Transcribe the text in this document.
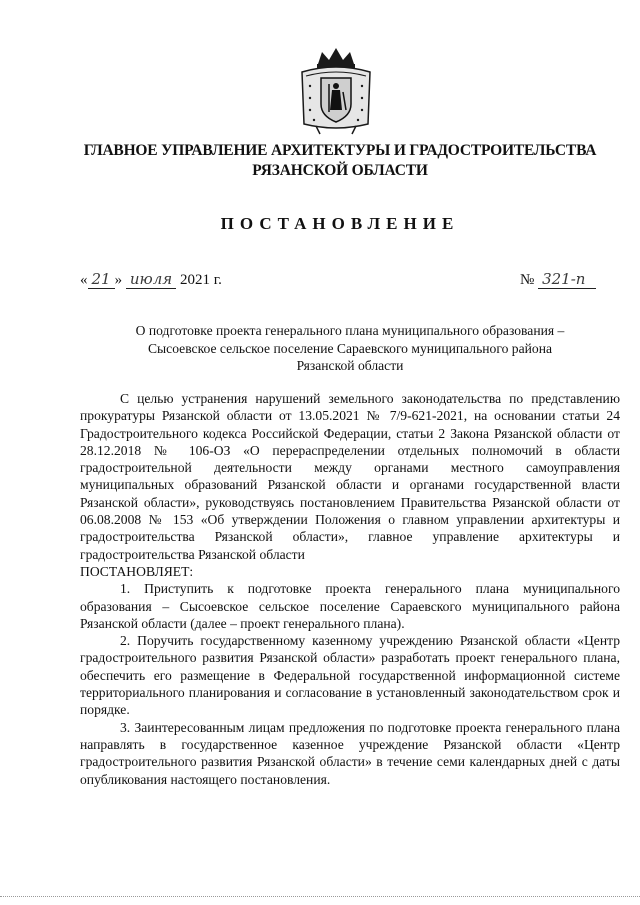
ГЛАВНОЕ УПРАВЛЕНИЕ АРХИТЕКТУРЫ И ГРАДОСТРОИТЕЛЬСТВА
РЯЗАНСКОЙ ОБЛАСТИ
ПОСТАНОВЛЕНИЕ
« 21 » июля 2021 г.	№ 321-п
О подготовке проекта генерального плана муниципального образования –
Сысоевское сельское поселение Сараевского муниципального района
Рязанской области

С целью устранения нарушений земельного законодательства по представлению прокуратуры Рязанской области от 13.05.2021 № 7/9-621-2021, на основании статьи 24 Градостроительного кодекса Российской Федерации, статьи 2 Закона Рязанской области от 28.12.2018 № 106-ОЗ «О перераспределении отдельных полномочий в области градостроительной деятельности между органами местного самоуправления муниципальных образований Рязанской области и органами государственной власти Рязанской области», руководствуясь постановлением Правительства Рязанской области от 06.08.2008 № 153 «Об утверждении Положения о главном управлении архитектуры и градостроительства Рязанской области», главное управление архитектуры и градостроительства Рязанской области

ПОСТАНОВЛЯЕТ:

1. Приступить к подготовке проекта генерального плана муниципального образования – Сысоевское сельское поселение Сараевского муниципального района Рязанской области (далее – проект генерального плана).

2. Поручить государственному казенному учреждению Рязанской области «Центр градостроительного развития Рязанской области» разработать проект генерального плана, обеспечить его размещение в Федеральной государственной информационной системе территориального планирования и согласование в установленный законодательством срок и порядке.

3. Заинтересованным лицам предложения по подготовке проекта генерального плана направлять в государственное казенное учреждение Рязанской области «Центр градостроительного развития Рязанской области» в течение семи календарных дней с даты опубликования настоящего постановления.
